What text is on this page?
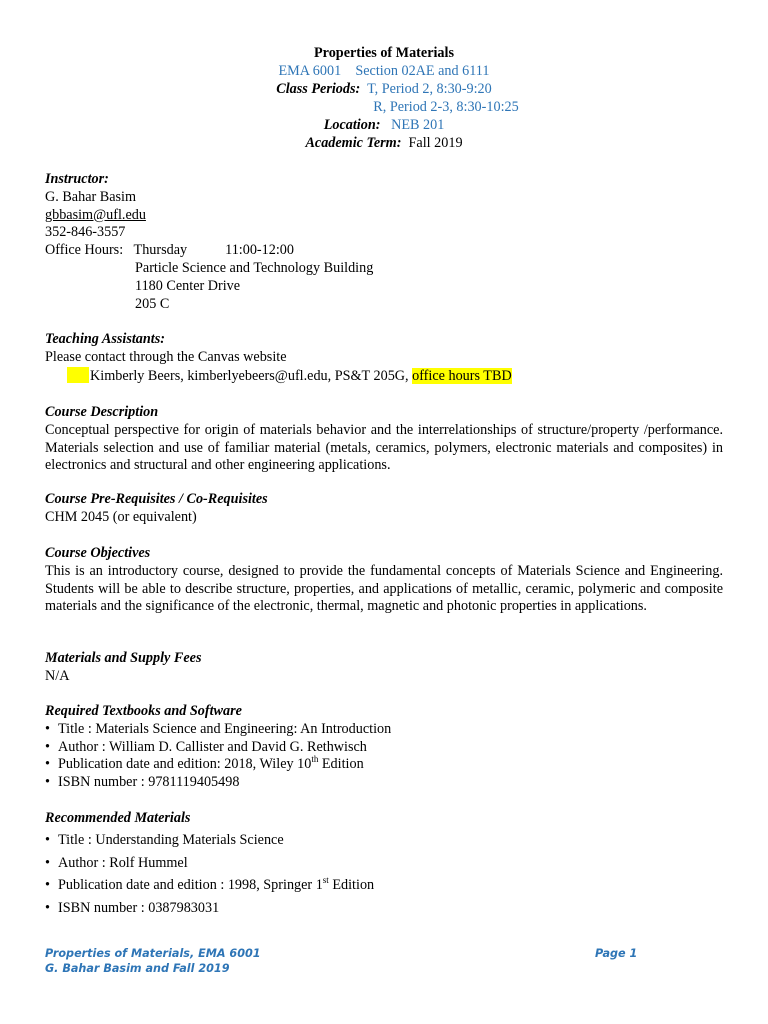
Properties of Materials
EMA 6001    Section 02AE and 6111
Class Periods: T, Period 2, 8:30-9:20
R, Period 2-3, 8:30-10:25
Location: NEB 201
Academic Term: Fall 2019
Instructor:
G. Bahar Basim
gbbasim@ufl.edu
352-846-3557
Office Hours: Thursday	11:00-12:00
Particle Science and Technology Building
1180 Center Drive
205 C
Teaching Assistants:
Please contact through the Canvas website
Kimberly Beers, kimberlyebeers@ufl.edu, PS&T 205G, office hours TBD
Course Description
Conceptual perspective for origin of materials behavior and the interrelationships of structure/property /performance. Materials selection and use of familiar material (metals, ceramics, polymers, electronic materials and composites) in electronics and structural and other engineering applications.
Course Pre-Requisites / Co-Requisites
CHM 2045 (or equivalent)
Course Objectives
This is an introductory course, designed to provide the fundamental concepts of Materials Science and Engineering. Students will be able to describe structure, properties, and applications of metallic, ceramic, polymeric and composite materials and the significance of the electronic, thermal, magnetic and photonic properties in applications.
Materials and Supply Fees
N/A
Required Textbooks and Software
• Title : Materials Science and Engineering: An Introduction
• Author : William D. Callister and David G. Rethwisch
• Publication date and edition: 2018, Wiley 10th Edition
• ISBN number : 9781119405498
Recommended Materials
• Title : Understanding Materials Science
• Author : Rolf Hummel
• Publication date and edition : 1998, Springer 1st Edition
• ISBN number : 0387983031
Properties of Materials, EMA 6001
G. Bahar Basim and Fall 2019
Page 1
